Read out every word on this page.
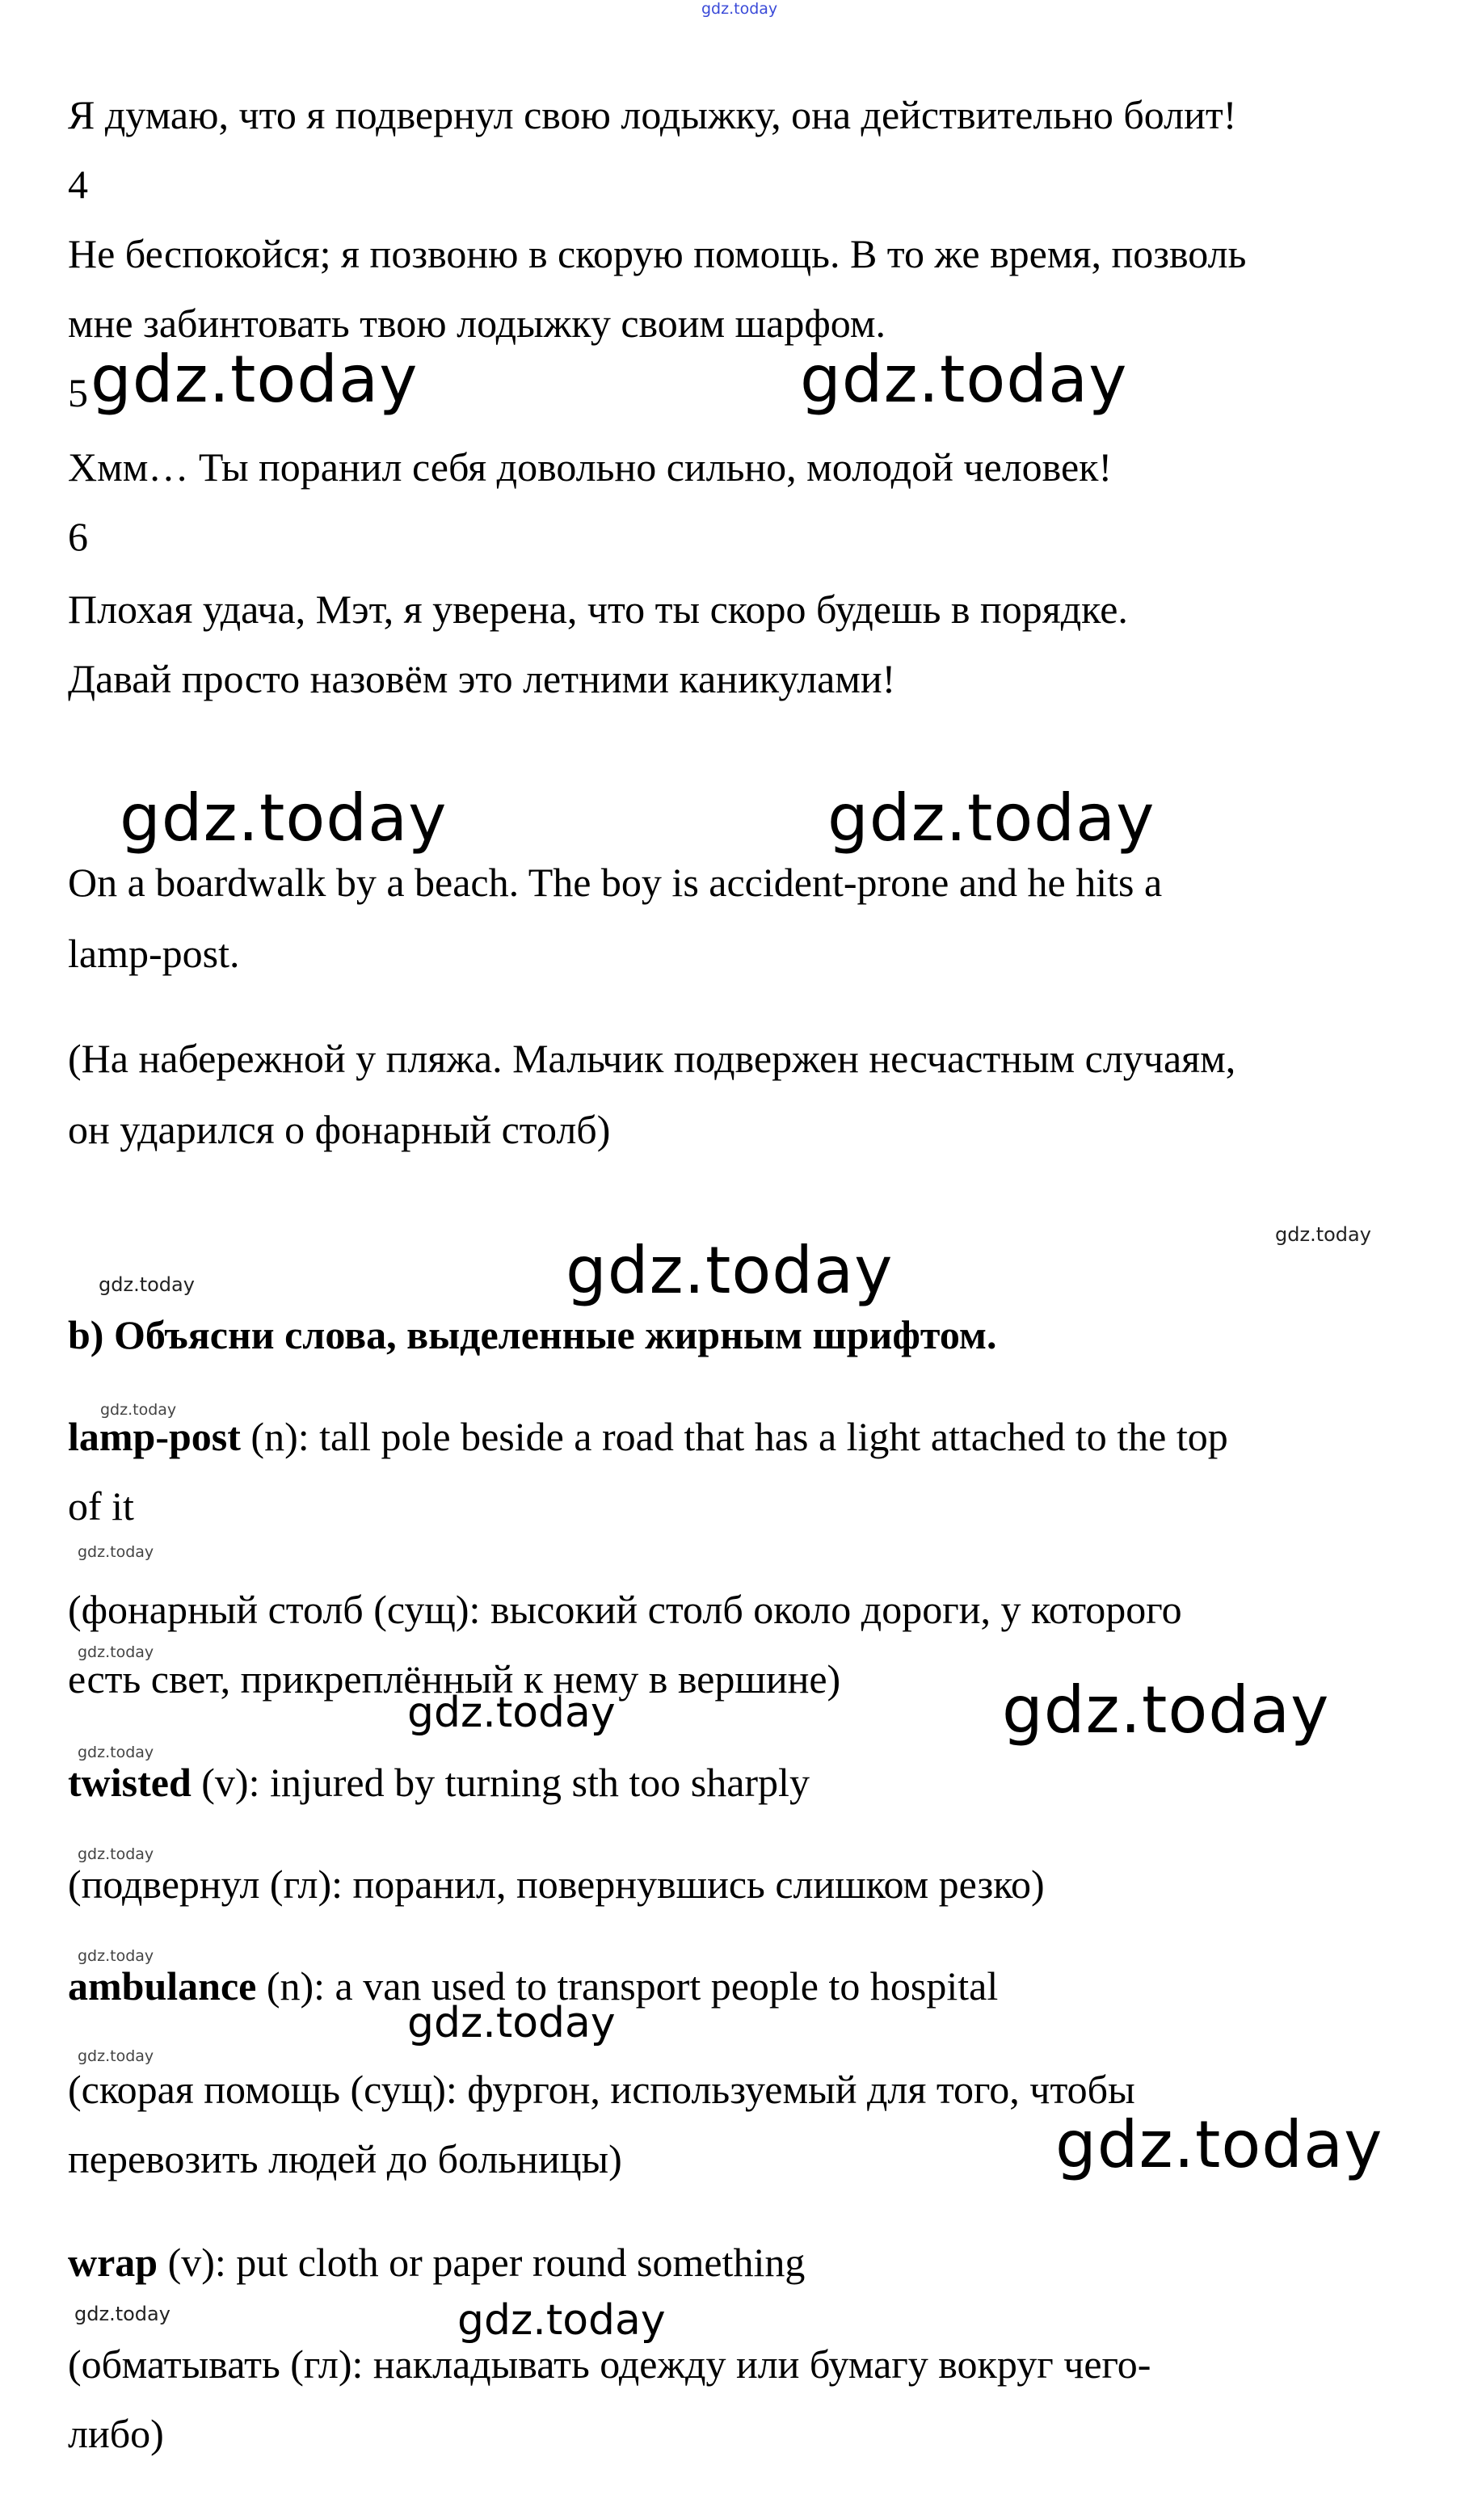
gdz.today

Я думаю, что я подвернул свою лодыжку, она действительно болит!

4

Не беспокойся; я позвоню в скорую помощь. В то же время, позволь

мне забинтовать твою лодыжку своим шарфом.

5 gdz.today	gdz.today

Хмм… Ты поранил себя довольно сильно, молодой человек!

6

Плохая удача, Мэт, я уверена, что ты скоро будешь в порядке.

Давай просто назовём это летними каникулами!

gdz.today	gdz.today

On a boardwalk by a beach. The boy is accident-prone and he hits a

lamp-post.

(На набережной у пляжа. Мальчик подвержен несчастным случаям,

он ударился о фонарный столб)

gdz.today
gdz.today
gdz.today

b) Объясни слова, выделенные жирным шрифтом.

gdz.today

lamp-post (n): tall pole beside a road that has a light attached to the top

of it

gdz.today

(фонарный столб (сущ): высокий столб около дороги, у которого

gdz.today

есть свет, прикреплённый к нему в вершине)

gdz.today	gdz.today
gdz.today

twisted (v): injured by turning sth too sharply

gdz.today

(подвернул (гл): поранил, повернувшись слишком резко)

gdz.today

ambulance (n): a van used to transport people to hospital

gdz.today
gdz.today

(скорая помощь (сущ): фургон, используемый для того, чтобы

перевозить людей до больницы)	gdz.today

wrap (v): put cloth or paper round something

gdz.today	gdz.today

(обматывать (гл): накладывать одежду или бумагу вокруг чего-

либо)
